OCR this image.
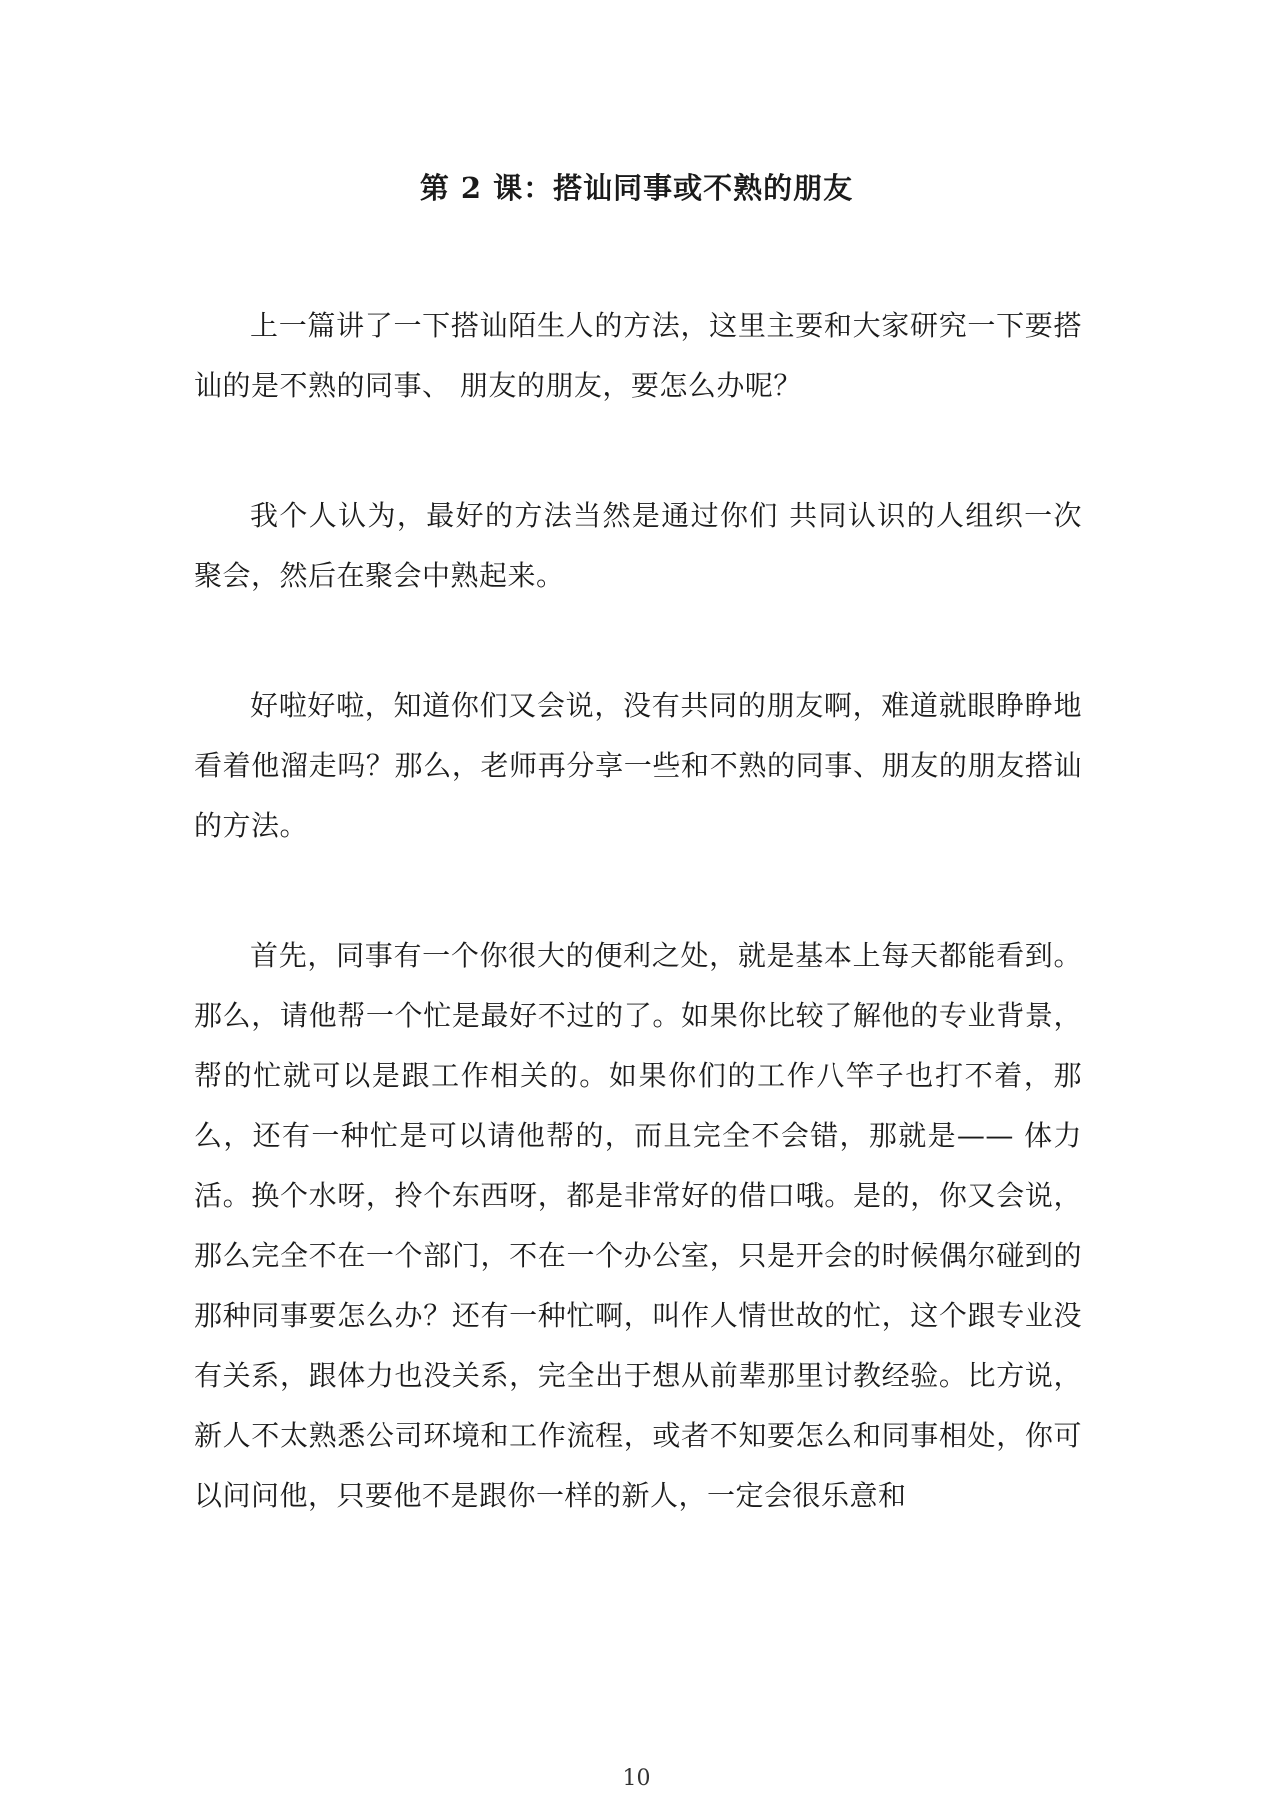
第 2 课：搭讪同事或不熟的朋友

上一篇讲了一下搭讪陌生人的方法，这里主要和大家研究一下要搭讪的是不熟的同事、 朋友的朋友，要怎么办呢？

我个人认为，最好的方法当然是通过你们 共同认识的人组织一次聚会，然后在聚会中熟起来。

好啦好啦，知道你们又会说，没有共同的朋友啊，难道就眼睁睁地看着他溜走吗？那么，老师再分享一些和不熟的同事、朋友的朋友搭讪的方法。

首先，同事有一个你很大的便利之处，就是基本上每天都能看到。那么，请他帮一个忙是最好不过的了。如果你比较了解他的专业背景，帮的忙就可以是跟工作相关的。如果你们的工作八竿子也打不着，那么，还有一种忙是可以请他帮的，而且完全不会错，那就是—— 体力活。换个水呀，拎个东西呀，都是非常好的借口哦。是的，你又会说，那么完全不在一个部门，不在一个办公室，只是开会的时候偶尔碰到的那种同事要怎么办？还有一种忙啊，叫作人情世故的忙，这个跟专业没有关系，跟体力也没关系，完全出于想从前辈那里讨教经验。比方说，新人不太熟悉公司环境和工作流程，或者不知要怎么和同事相处，你可以问问他，只要他不是跟你一样的新人，一定会很乐意和

10
